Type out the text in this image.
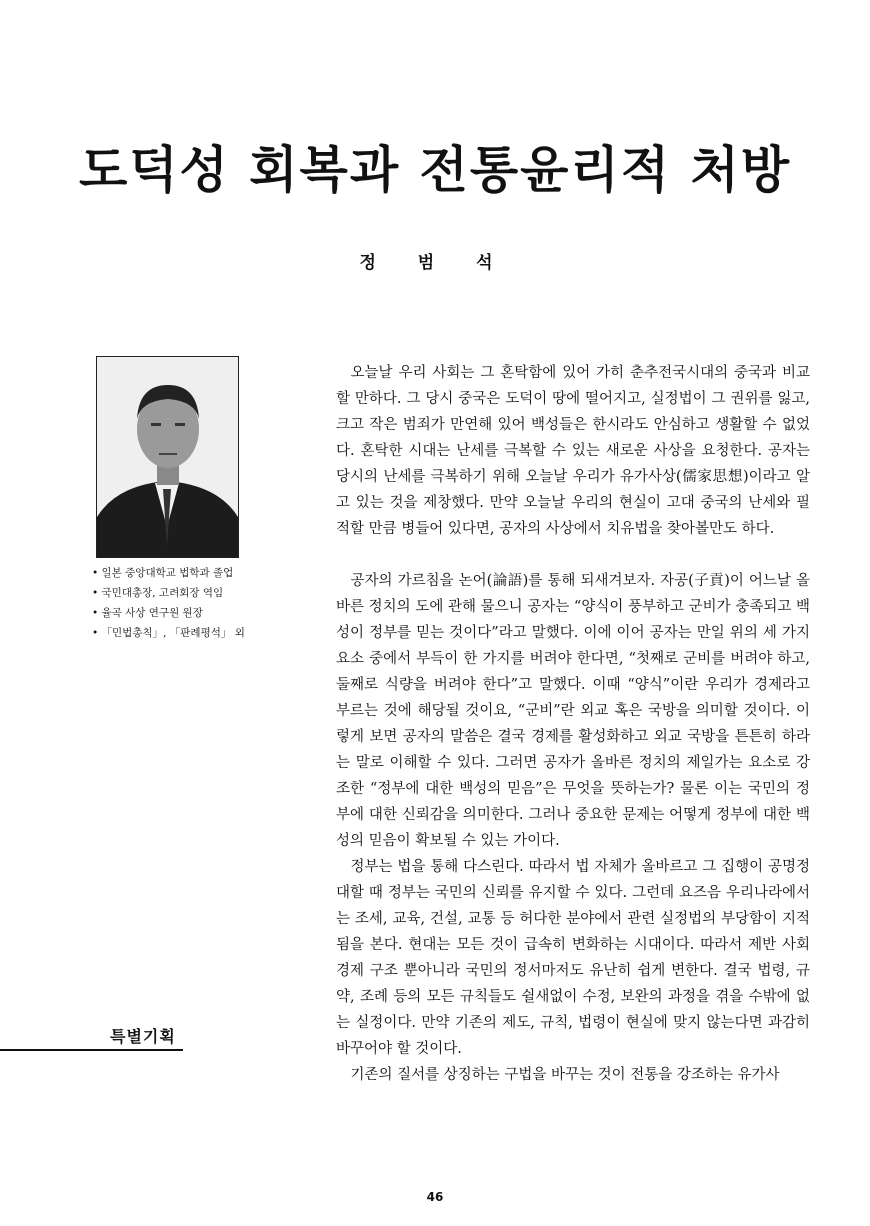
도덕성 회복과 전통윤리적 처방
정 범 석
• 일본 중앙대학교 법학과 졸업
• 국민대총장, 고려회장 역임
• 율곡 사상 연구원 원장
• 「민법총칙」, 「판례평석」 외
특별기획

오늘날 우리 사회는 그 혼탁함에 있어 가히 춘추전국시대의 중국과 비교할 만하다. 그 당시 중국은 도덕이 땅에 떨어지고, 실정법이 그 권위를 잃고, 크고 작은 범죄가 만연해 있어 백성들은 한시라도 안심하고 생활할 수 없었다. 혼탁한 시대는 난세를 극복할 수 있는 새로운 사상을 요청한다. 공자는 당시의 난세를 극복하기 위해 오늘날 우리가 유가사상(儒家思想)이라고 알고 있는 것을 제창했다. 만약 오늘날 우리의 현실이 고대 중국의 난세와 필적할 만큼 병들어 있다면, 공자의 사상에서 치유법을 찾아볼만도 하다.

공자의 가르침을 논어(論語)를 통해 되새겨보자. 자공(子貢)이 어느날 올바른 정치의 도에 관해 물으니 공자는 “양식이 풍부하고 군비가 충족되고 백성이 정부를 믿는 것이다”라고 말했다. 이에 이어 공자는 만일 위의 세 가지 요소 중에서 부득이 한 가지를 버려야 한다면, “첫째로 군비를 버려야 하고, 둘째로 식량을 버려야 한다”고 말했다. 이때 “양식”이란 우리가 경제라고 부르는 것에 해당될 것이요, “군비”란 외교 혹은 국방을 의미할 것이다. 이렇게 보면 공자의 말씀은 결국 경제를 활성화하고 외교 국방을 튼튼히 하라는 말로 이해할 수 있다. 그러면 공자가 올바른 정치의 제일가는 요소로 강조한 “정부에 대한 백성의 믿음”은 무엇을 뜻하는가? 물론 이는 국민의 정부에 대한 신뢰감을 의미한다. 그러나 중요한 문제는 어떻게 정부에 대한 백성의 믿음이 확보될 수 있는 가이다.

정부는 법을 통해 다스린다. 따라서 법 자체가 올바르고 그 집행이 공명정대할 때 정부는 국민의 신뢰를 유지할 수 있다. 그런데 요즈음 우리나라에서는 조세, 교육, 건설, 교통 등 허다한 분야에서 관련 실정법의 부당함이 지적됨을 본다. 현대는 모든 것이 급속히 변화하는 시대이다. 따라서 제반 사회 경제 구조 뿐아니라 국민의 정서마저도 유난히 쉽게 변한다. 결국 법령, 규약, 조례 등의 모든 규칙들도 쉴새없이 수정, 보완의 과정을 겪을 수밖에 없는 실정이다. 만약 기존의 제도, 규칙, 법령이 현실에 맞지 않는다면 과감히 바꾸어야 할 것이다.

기존의 질서를 상징하는 구법을 바꾸는 것이 전통을 강조하는 유가사

46
